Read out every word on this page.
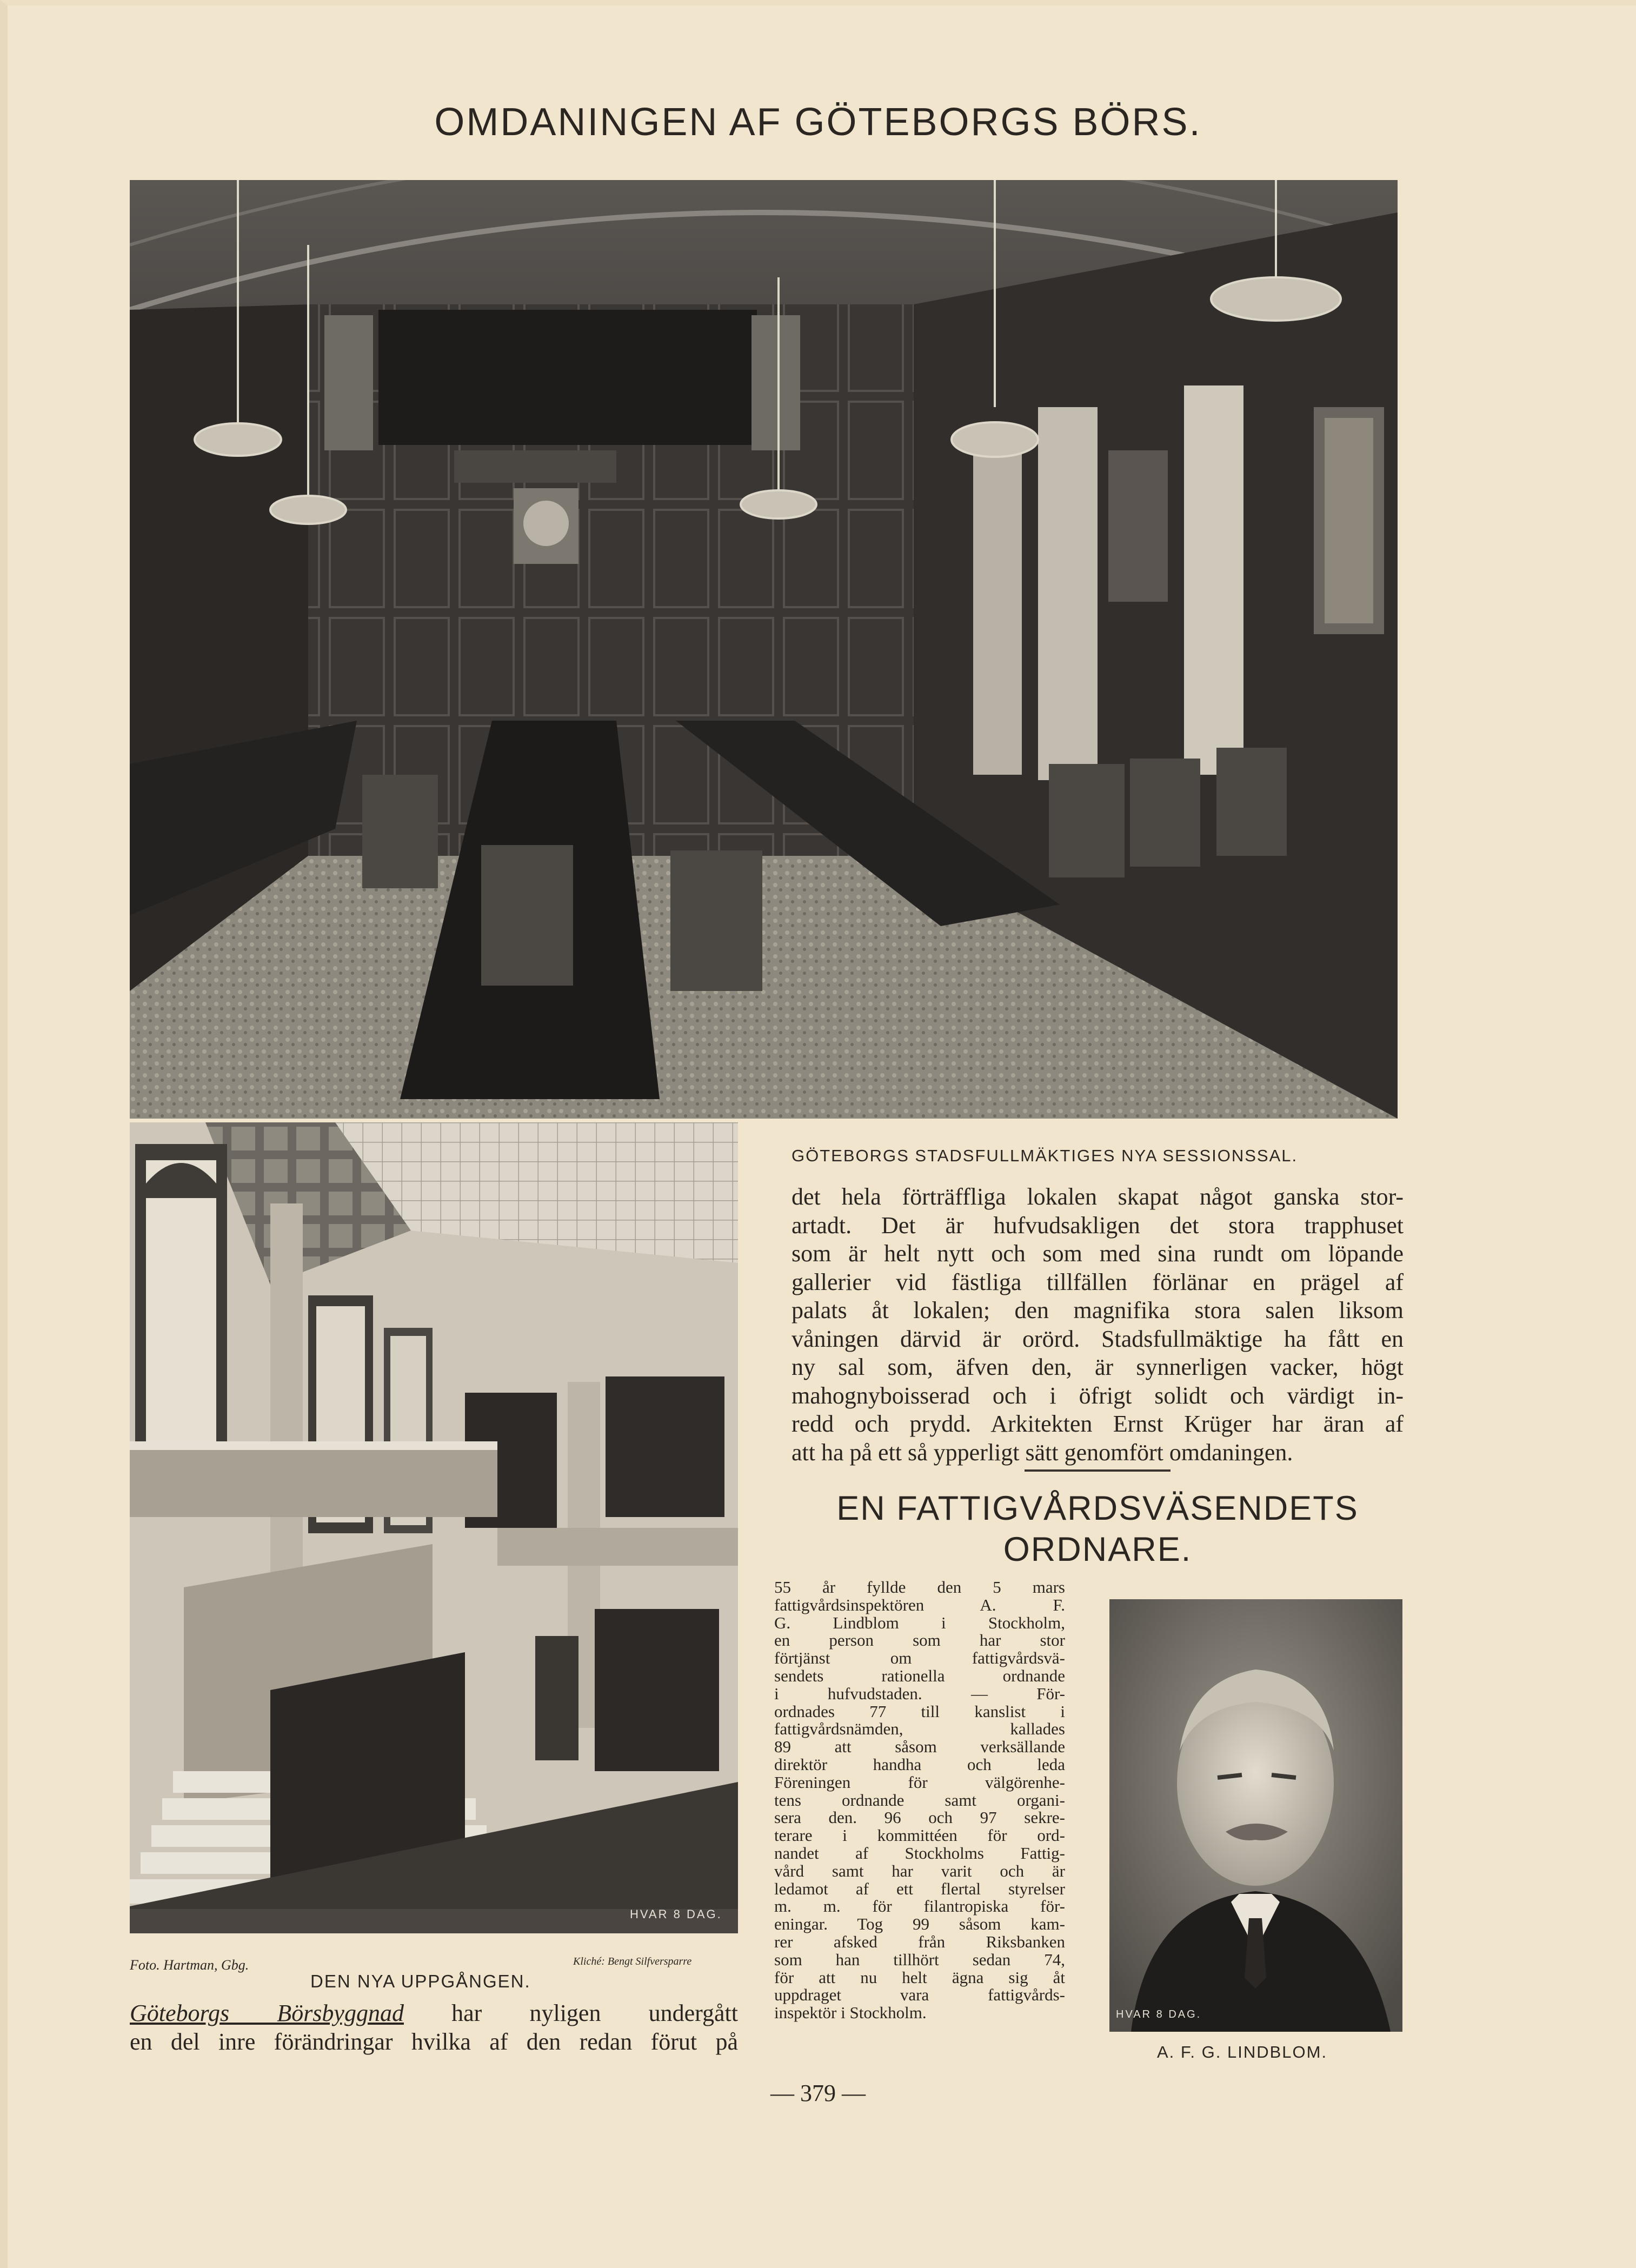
OMDANINGEN AF GÖTEBORGS BÖRS.
GÖTEBORGS STADSFULLMÄKTIGES NYA SESSIONSSAL.
HVAR 8 DAG.
Foto. Hartman, Gbg.	Kliché: Bengt Silfversparre
DEN NYA UPPGÅNGEN.
Göteborgs Börsbyggnad har nyligen undergått
en del inre förändringar hvilka af den redan förut på
det hela förträffliga lokalen skapat något ganska stor-
artadt. Det är hufvudsakligen det stora trapphuset
som är helt nytt och som med sina rundt om löpande
gallerier vid fästliga tillfällen förlänar en prägel af
palats åt lokalen; den magnifika stora salen liksom
våningen därvid är orörd. Stadsfullmäktige ha fått en
ny sal som, äfven den, är synnerligen vacker, högt
mahognyboisserad och i öfrigt solidt och värdigt in-
redd och prydd. Arkitekten Ernst Krüger har äran af
att ha på ett så ypperligt sätt genomfört omdaningen.
EN FATTIGVÅRDSVÄSENDETS
ORDNARE.
55 år fyllde den 5 mars
fattigvårdsinspektören A. F.
G. Lindblom i Stockholm,
en person som har stor
förtjänst om fattigvårdsvä-
sendets rationella ordnande
i hufvudstaden. — För-
ordnades 77 till kanslist i
fattigvårdsnämden, kallades
89 att såsom verksällande
direktör handha och leda
Föreningen för välgörenhe-
tens ordnande samt organi-
sera den. 96 och 97 sekre-
terare i kommittéen för ord-
nandet af Stockholms Fattig-
vård samt har varit och är
ledamot af ett flertal styrelser
m. m. för filantropiska för-
eningar. Tog 99 såsom kam-
rer afsked från Riksbanken
som han tillhört sedan 74,
för att nu helt ägna sig åt
uppdraget vara fattigvårds-
inspektör i Stockholm.	HVAR 8 DAG.
A. F. G. LINDBLOM.
— 379 —
